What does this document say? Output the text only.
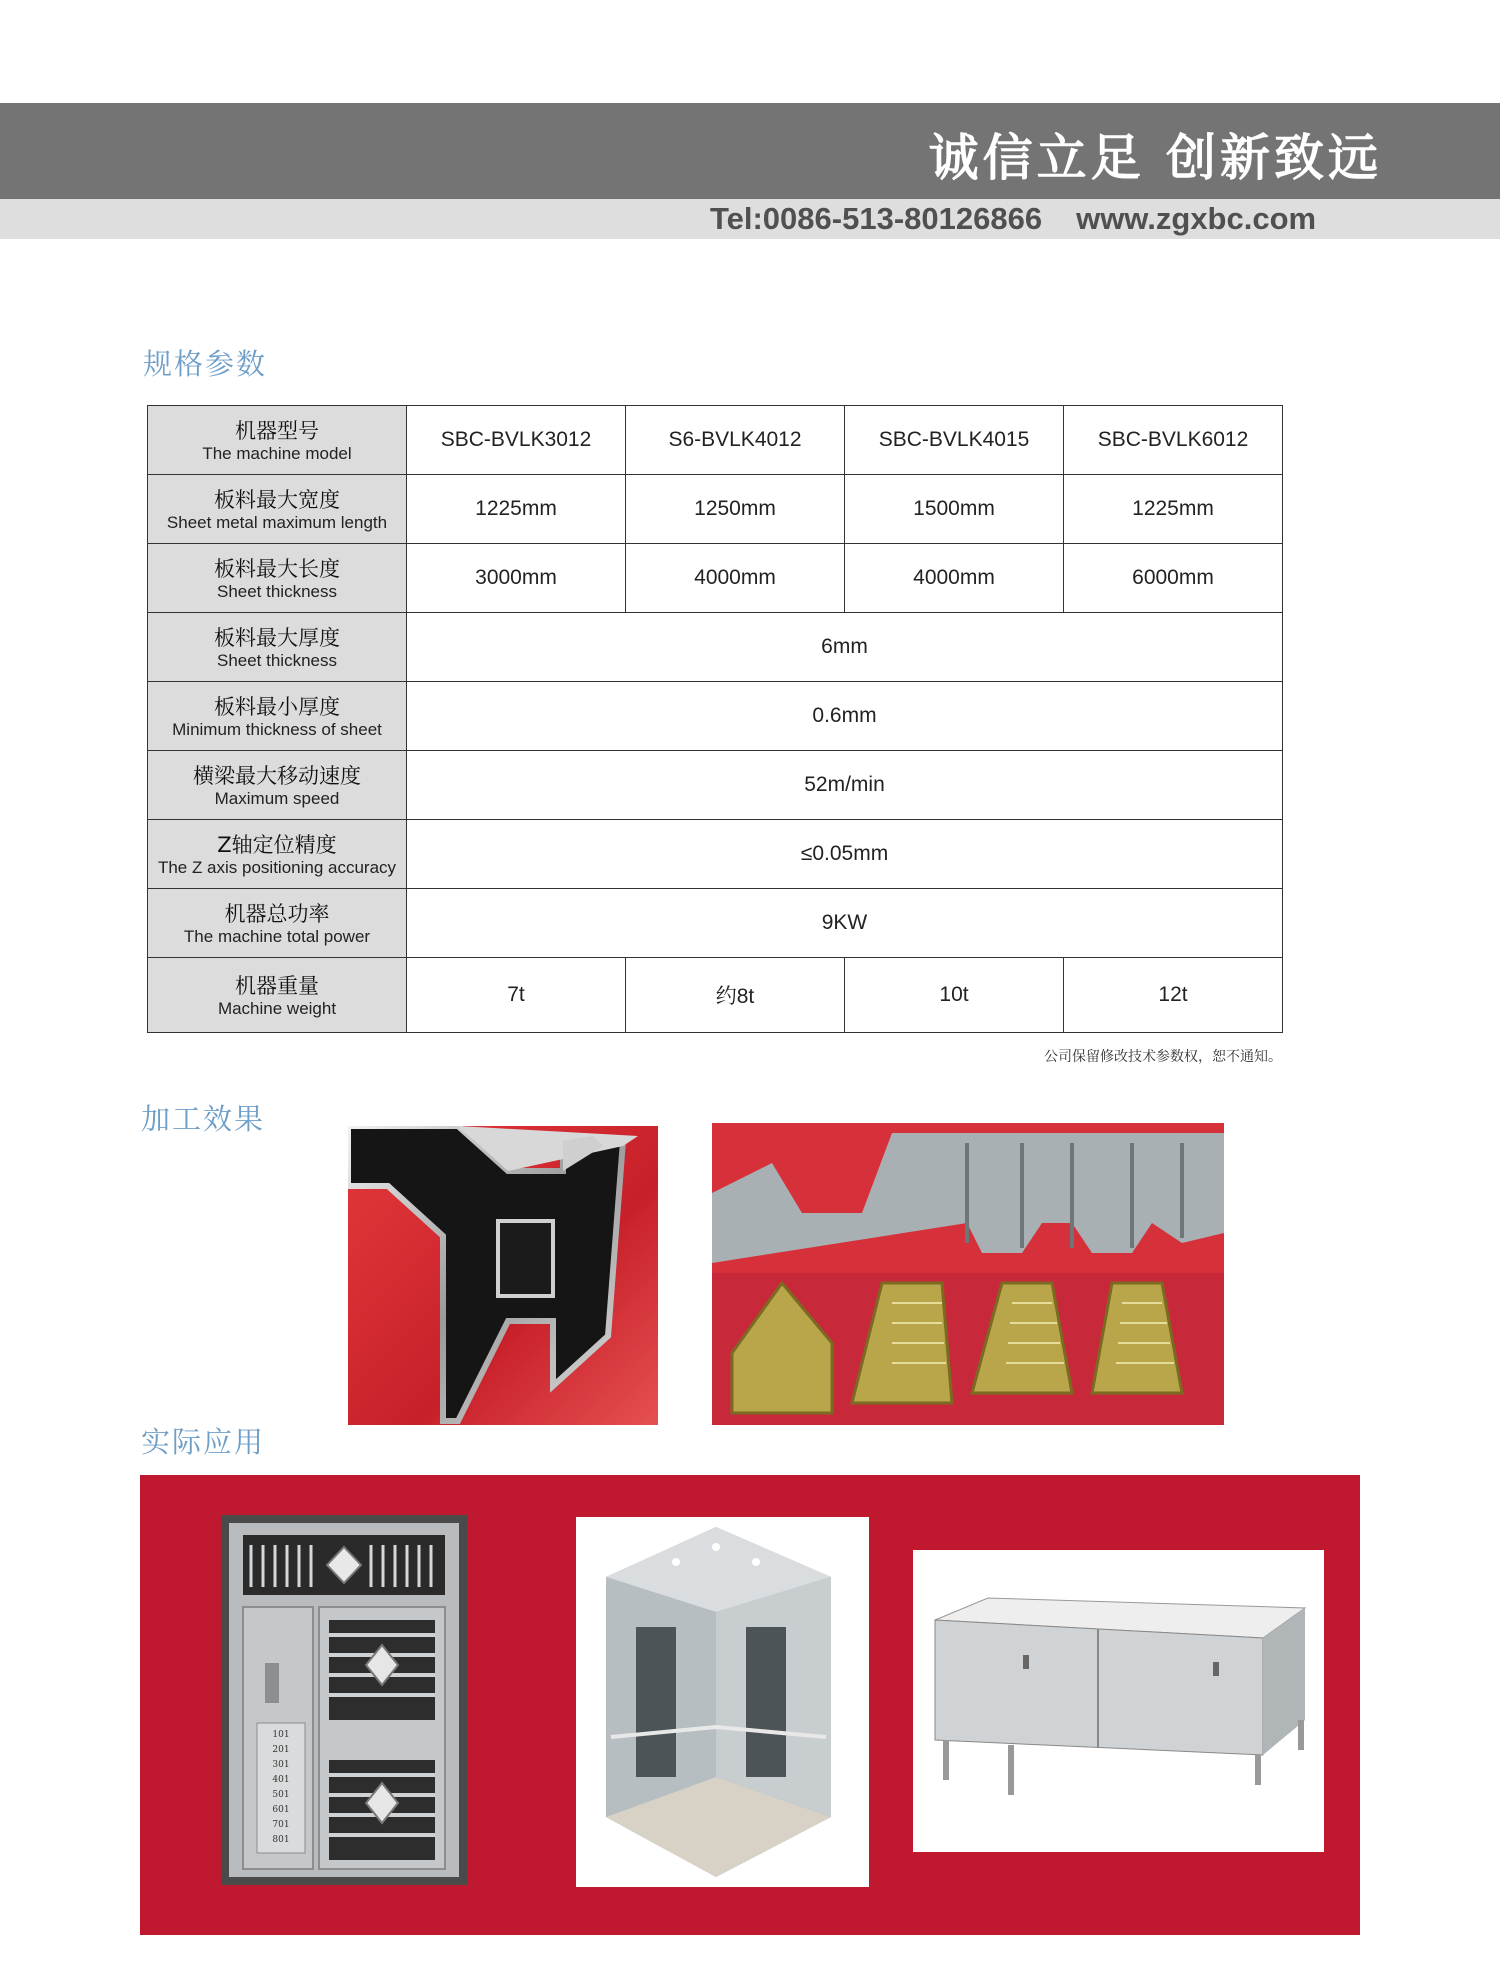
诚信立足 创新致远
Tel:0086-513-80126866 www.zgxbc.com
规格参数
机器型号
The machine model	SBC-BVLK3012	S6-BVLK4012	SBC-BVLK4015	SBC-BVLK6012

板料最大宽度
Sheet metal maximum length	1225mm	1250mm	1500mm	1225mm

板料最大长度
Sheet thickness	3000mm	4000mm	4000mm	6000mm

板料最大厚度
Sheet thickness	6mm			

板料最小厚度
Minimum thickness of sheet	0.6mm			

横梁最大移动速度
Maximum speed	52m/min			

Z轴定位精度
The Z axis positioning accuracy	≤0.05mm			

机器总功率
The machine total power	9KW			

机器重量
Machine weight	7t	约8t	10t	12t
公司保留修改技术参数权，恕不通知。
加工效果
实际应用
101
201
301
401
501
601
701
801
